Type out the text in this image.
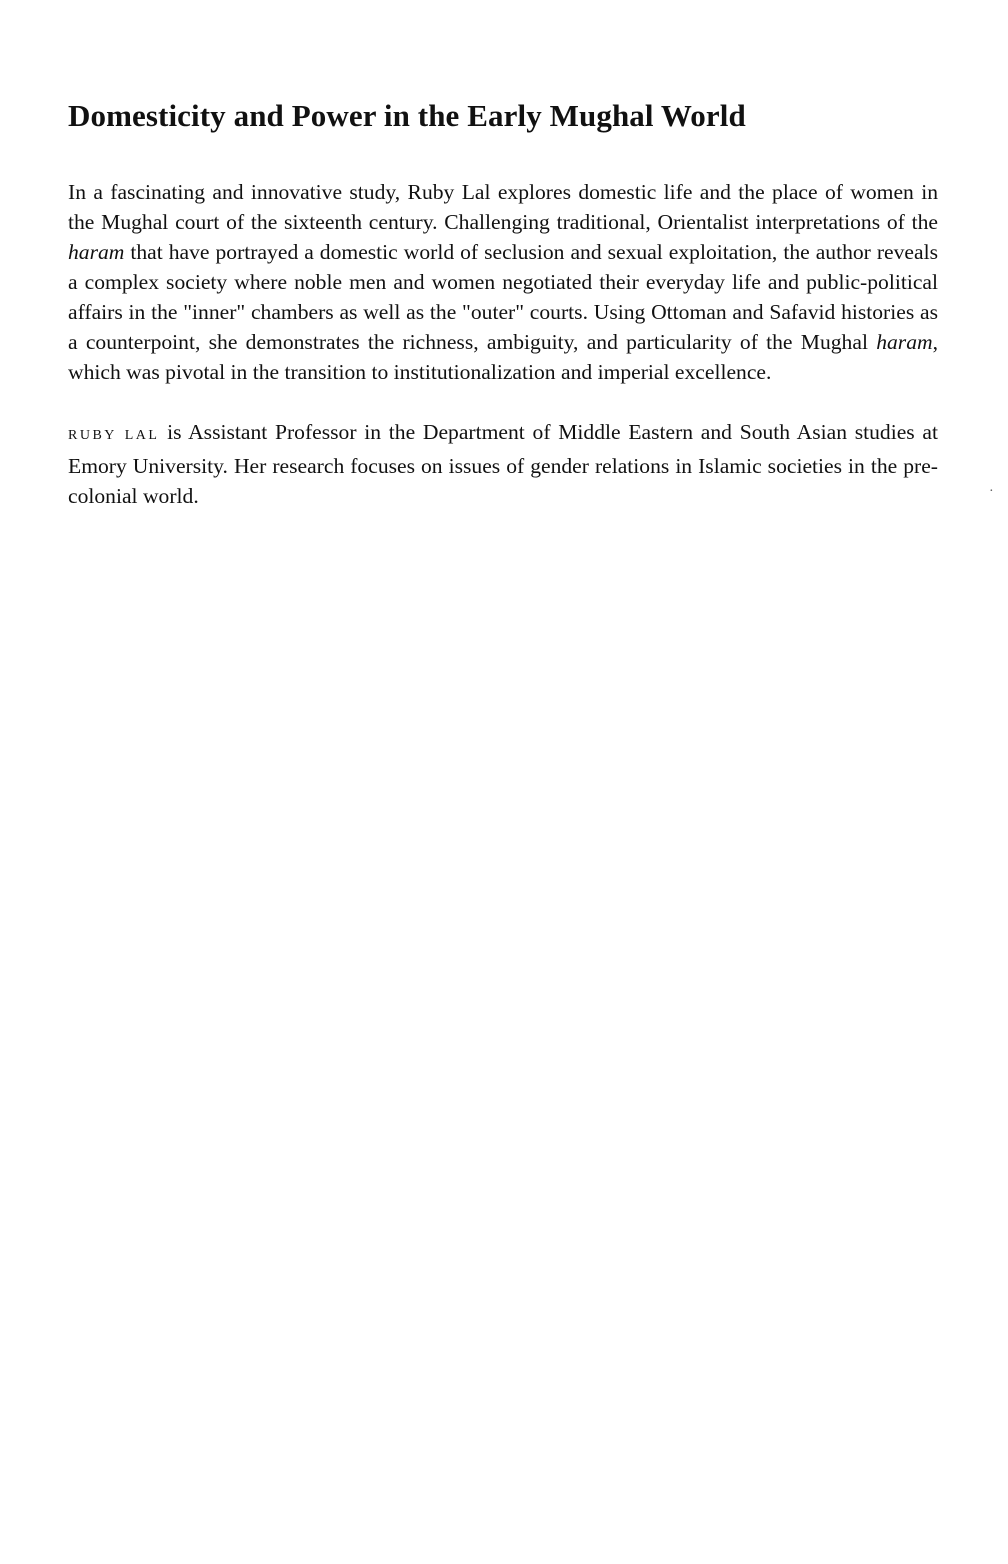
Domesticity and Power in the Early Mughal World

In a fascinating and innovative study, Ruby Lal explores domestic life and the place of women in the Mughal court of the sixteenth century. Challenging traditional, Orientalist interpretations of the haram that have portrayed a domestic world of seclusion and sexual exploitation, the author reveals a complex society where noble men and women negotiated their everyday life and public-political affairs in the "inner" chambers as well as the "outer" courts. Using Ottoman and Safavid histories as a counterpoint, she demonstrates the richness, ambiguity, and particularity of the Mughal haram, which was pivotal in the transition to institutionalization and imperial excellence.

RUBY LAL is Assistant Professor in the Department of Middle Eastern and South Asian studies at Emory University. Her research focuses on issues of gender relations in Islamic societies in the pre-colonial world.	·
